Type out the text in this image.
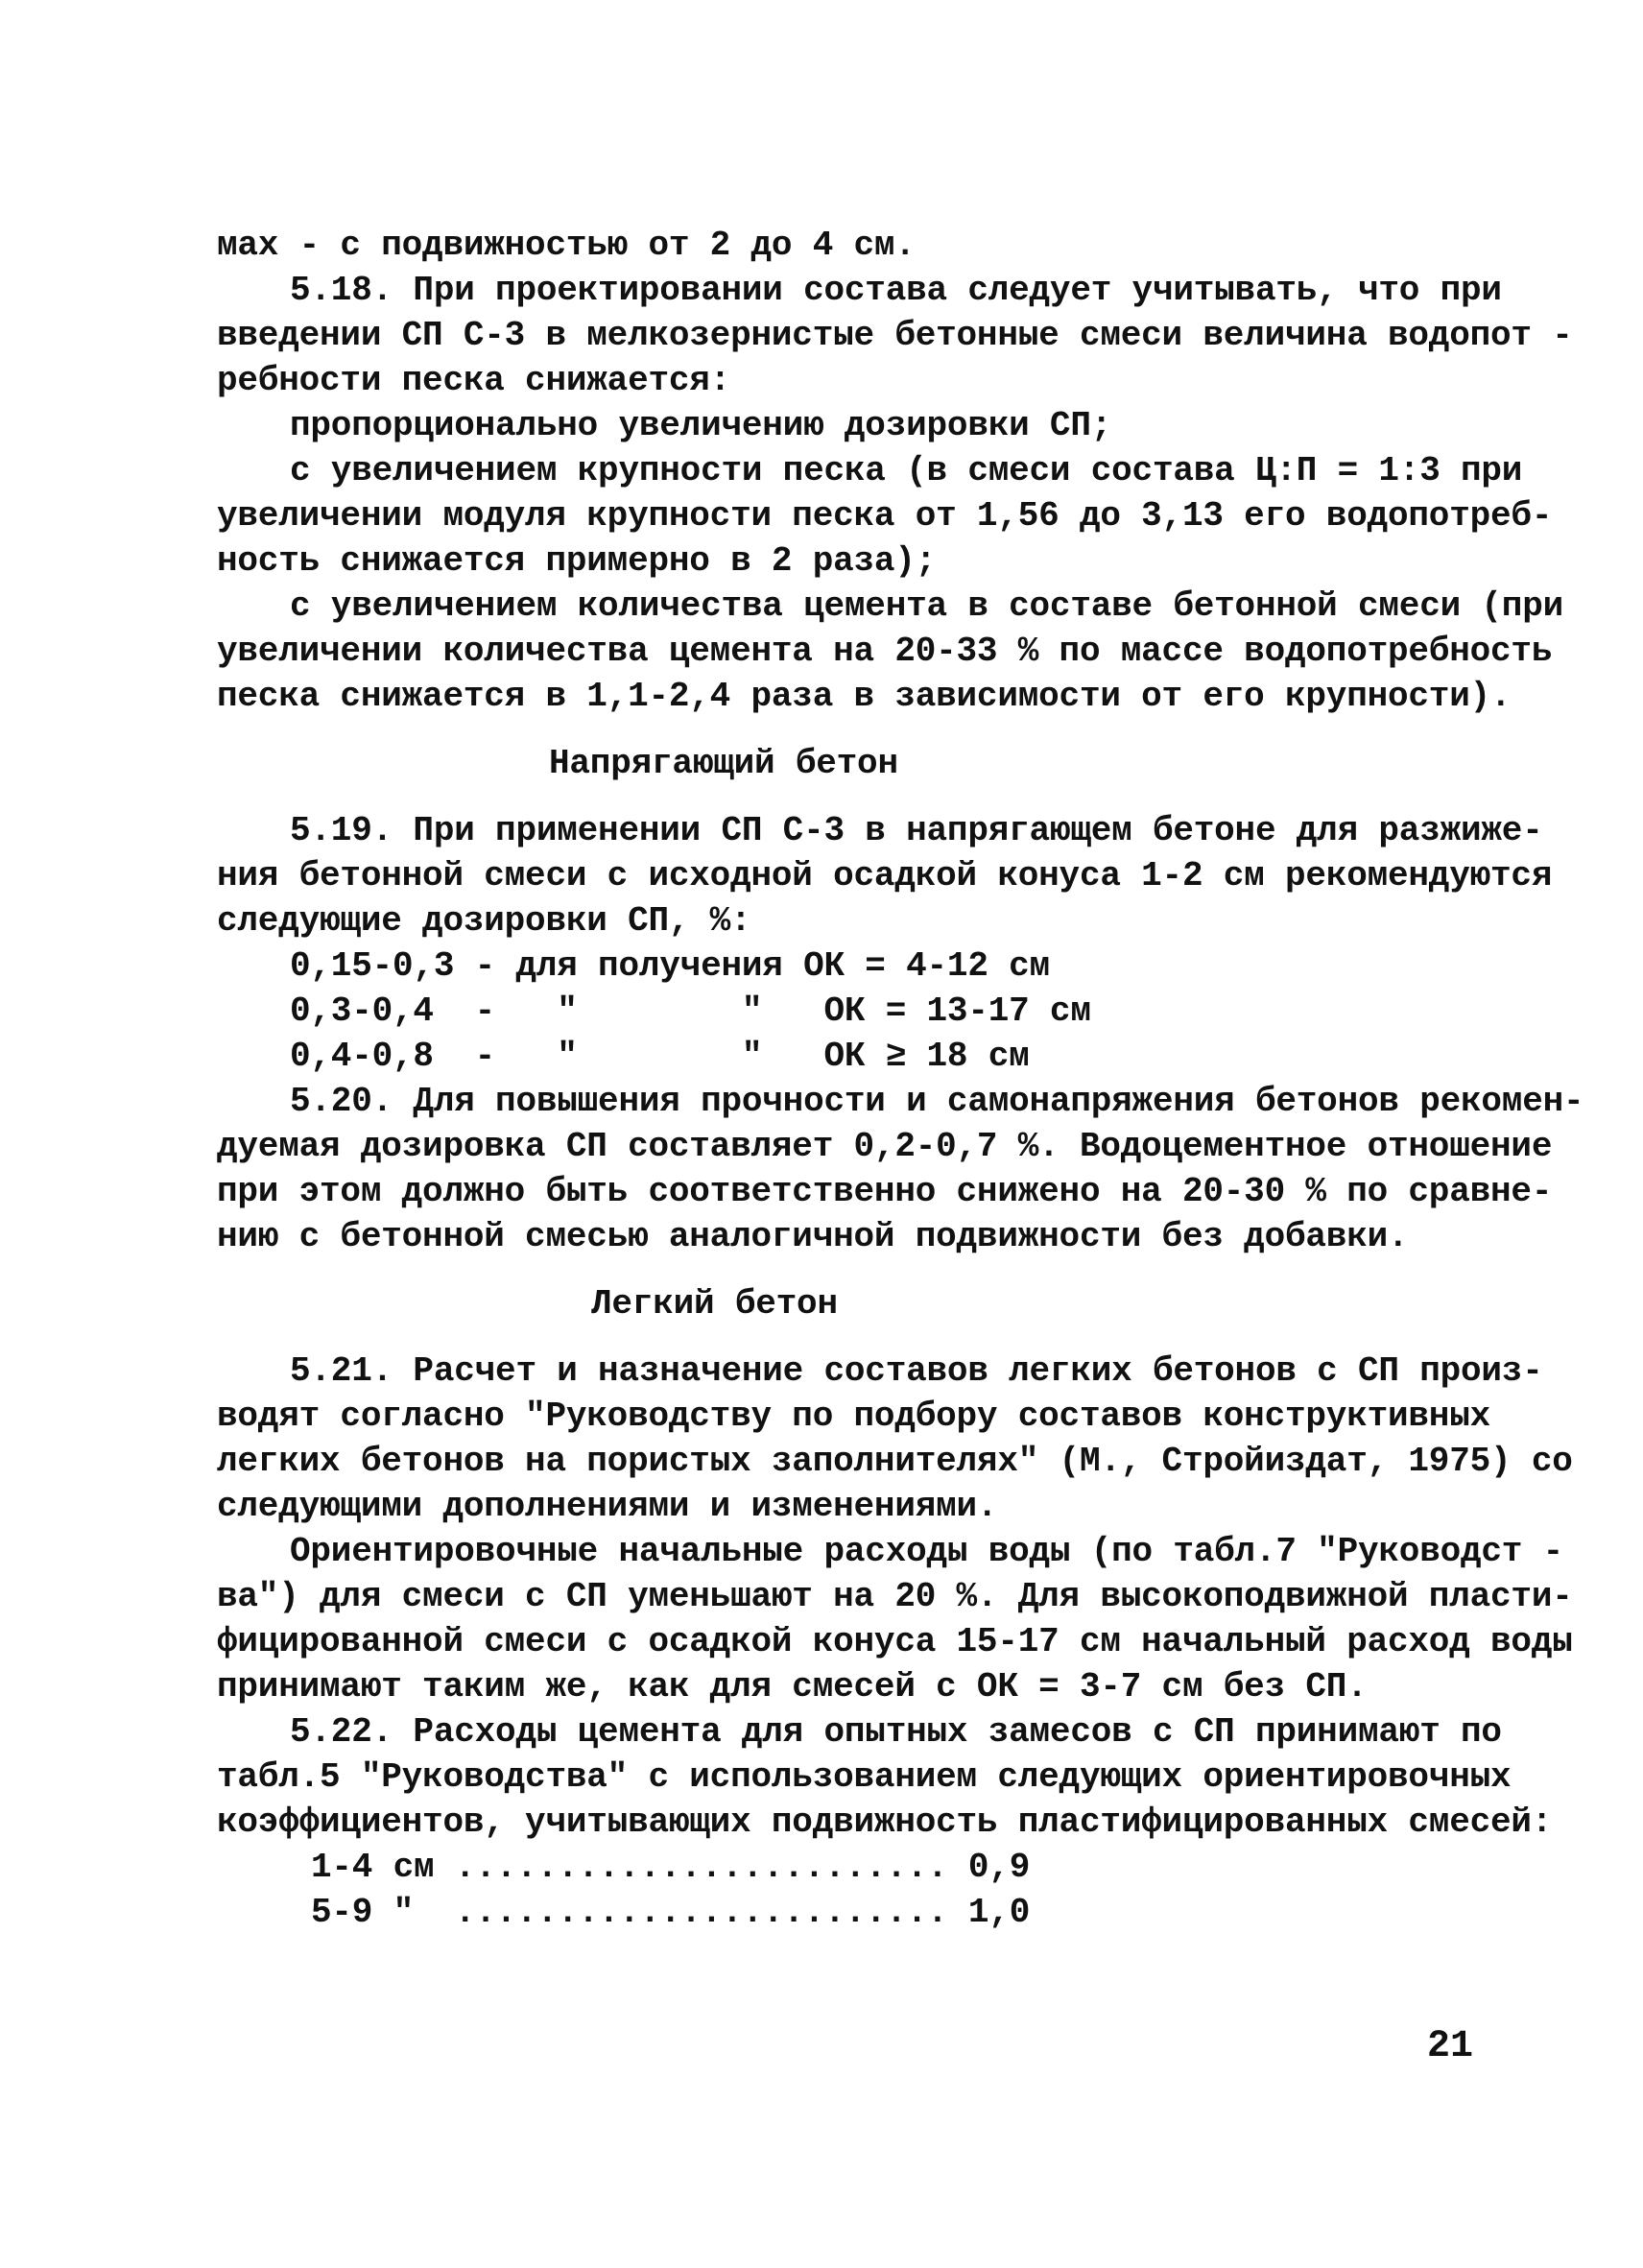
мах - с подвижностью от 2 до 4 см.
5.18. При проектировании состава следует учитывать, что при
введении СП С-3 в мелкозернистые бетонные смеси величина водопот -
ребности песка снижается:
пропорционально увеличению дозировки СП;
с увеличением крупности песка (в смеси состава Ц:П = 1:3 при
увеличении модуля крупности песка от 1,56 до 3,13 его водопотреб-
ность снижается примерно в 2 раза);
с увеличением количества цемента в составе бетонной смеси (при
увеличении количества цемента на 20-33 % по массе водопотребность
песка снижается в 1,1-2,4 раза в зависимости от его крупности).
Напрягающий бетон
5.19. При применении СП С-3 в напрягающем бетоне для разжиже-
ния бетонной смеси с исходной осадкой конуса 1-2 см рекомендуются
следующие дозировки СП, %:
0,15-0,3 - для получения ОК = 4-12 см
0,3-0,4  -   "        "   ОК = 13-17 см
0,4-0,8  -   "        "   ОК ≥ 18 см
5.20. Для повышения прочности и самонапряжения бетонов рекомен-
дуемая дозировка СП составляет 0,2-0,7 %. Водоцементное отношение
при этом должно быть соответственно снижено на 20-30 % по сравне-
нию с бетонной смесью аналогичной подвижности без добавки.
Легкий бетон
5.21. Расчет и назначение составов легких бетонов с СП произ-
водят согласно "Руководству по подбору составов конструктивных
легких бетонов на пористых заполнителях" (М., Стройиздат, 1975) со
следующими дополнениями и изменениями.
Ориентировочные начальные расходы воды (по табл.7 "Руководст -
ва") для смеси с СП уменьшают на 20 %. Для высокоподвижной пласти-
фицированной смеси с осадкой конуса 15-17 см начальный расход воды
принимают таким же, как для смесей с ОК = 3-7 см без СП.
5.22. Расходы цемента для опытных замесов с СП принимают по
табл.5 "Руководства" с использованием следующих ориентировочных
коэффициентов, учитывающих подвижность пластифицированных смесей:
1-4 см ........................ 0,9
5-9 "  ........................ 1,0
21
